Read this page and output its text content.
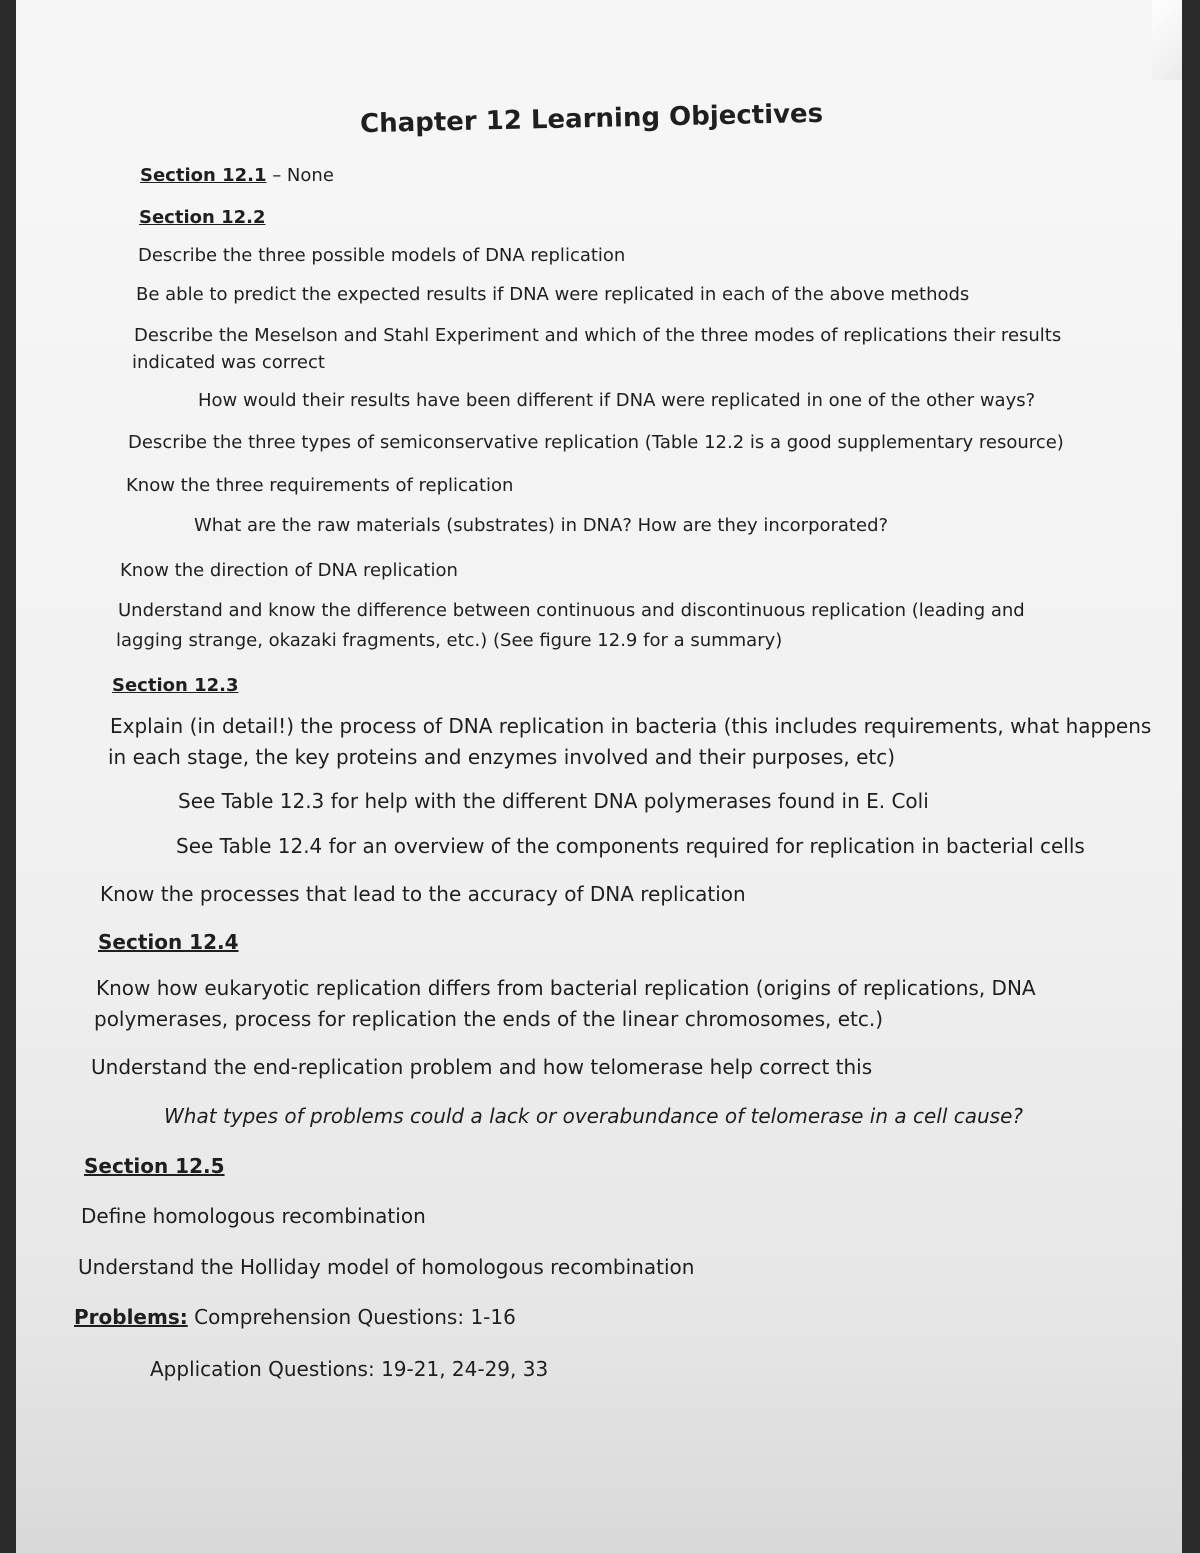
Chapter 12 Learning Objectives
Section 12.1 – None
Section 12.2
Describe the three possible models of DNA replication
Be able to predict the expected results if DNA were replicated in each of the above methods
Describe the Meselson and Stahl Experiment and which of the three modes of replications their results
indicated was correct
How would their results have been different if DNA were replicated in one of the other ways?
Describe the three types of semiconservative replication (Table 12.2 is a good supplementary resource)
Know the three requirements of replication
What are the raw materials (substrates) in DNA? How are they incorporated?
Know the direction of DNA replication
Understand and know the difference between continuous and discontinuous replication (leading and
lagging strange, okazaki fragments, etc.) (See figure 12.9 for a summary)
Section 12.3
Explain (in detail!) the process of DNA replication in bacteria (this includes requirements, what happens
in each stage, the key proteins and enzymes involved and their purposes, etc)
See Table 12.3 for help with the different DNA polymerases found in E. Coli
See Table 12.4 for an overview of the components required for replication in bacterial cells
Know the processes that lead to the accuracy of DNA replication
Section 12.4
Know how eukaryotic replication differs from bacterial replication (origins of replications, DNA
polymerases, process for replication the ends of the linear chromosomes, etc.)
Understand the end-replication problem and how telomerase help correct this
What types of problems could a lack or overabundance of telomerase in a cell cause?
Section 12.5
Define homologous recombination
Understand the Holliday model of homologous recombination
Problems: Comprehension Questions: 1-16
Application Questions: 19-21, 24-29, 33
